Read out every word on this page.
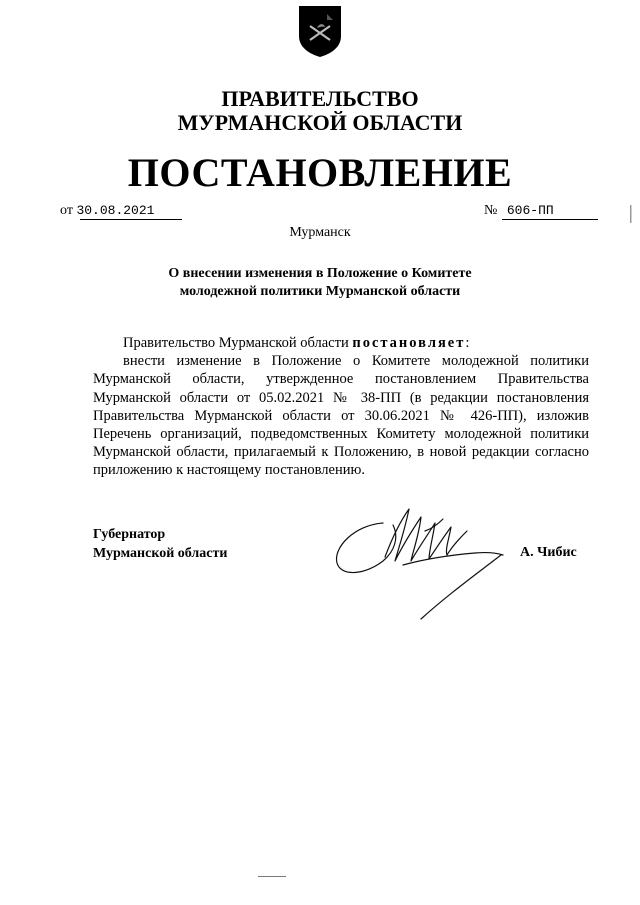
ПРАВИТЕЛЬСТВО
МУРМАНСКОЙ ОБЛАСТИ
ПОСТАНОВЛЕНИЕ
от 30.08.2021	№ 606-ПП
Мурманск
О внесении изменения в Положение о Комитете
молодежной политики Мурманской области

Правительство Мурманской области постановляет:

внести изменение в Положение о Комитете молодежной политики Мурманской области, утвержденное постановлением Правительства Мурманской области от 05.02.2021 № 38-ПП (в редакции постановления Правительства Мурманской области от 30.06.2021 № 426-ПП), изложив Перечень организаций, подведомственных Комитету молодежной политики Мурманской области, прилагаемый к Положению, в новой редакции согласно приложению к настоящему постановлению.

Губернатор
Мурманской области	А. Чибис
